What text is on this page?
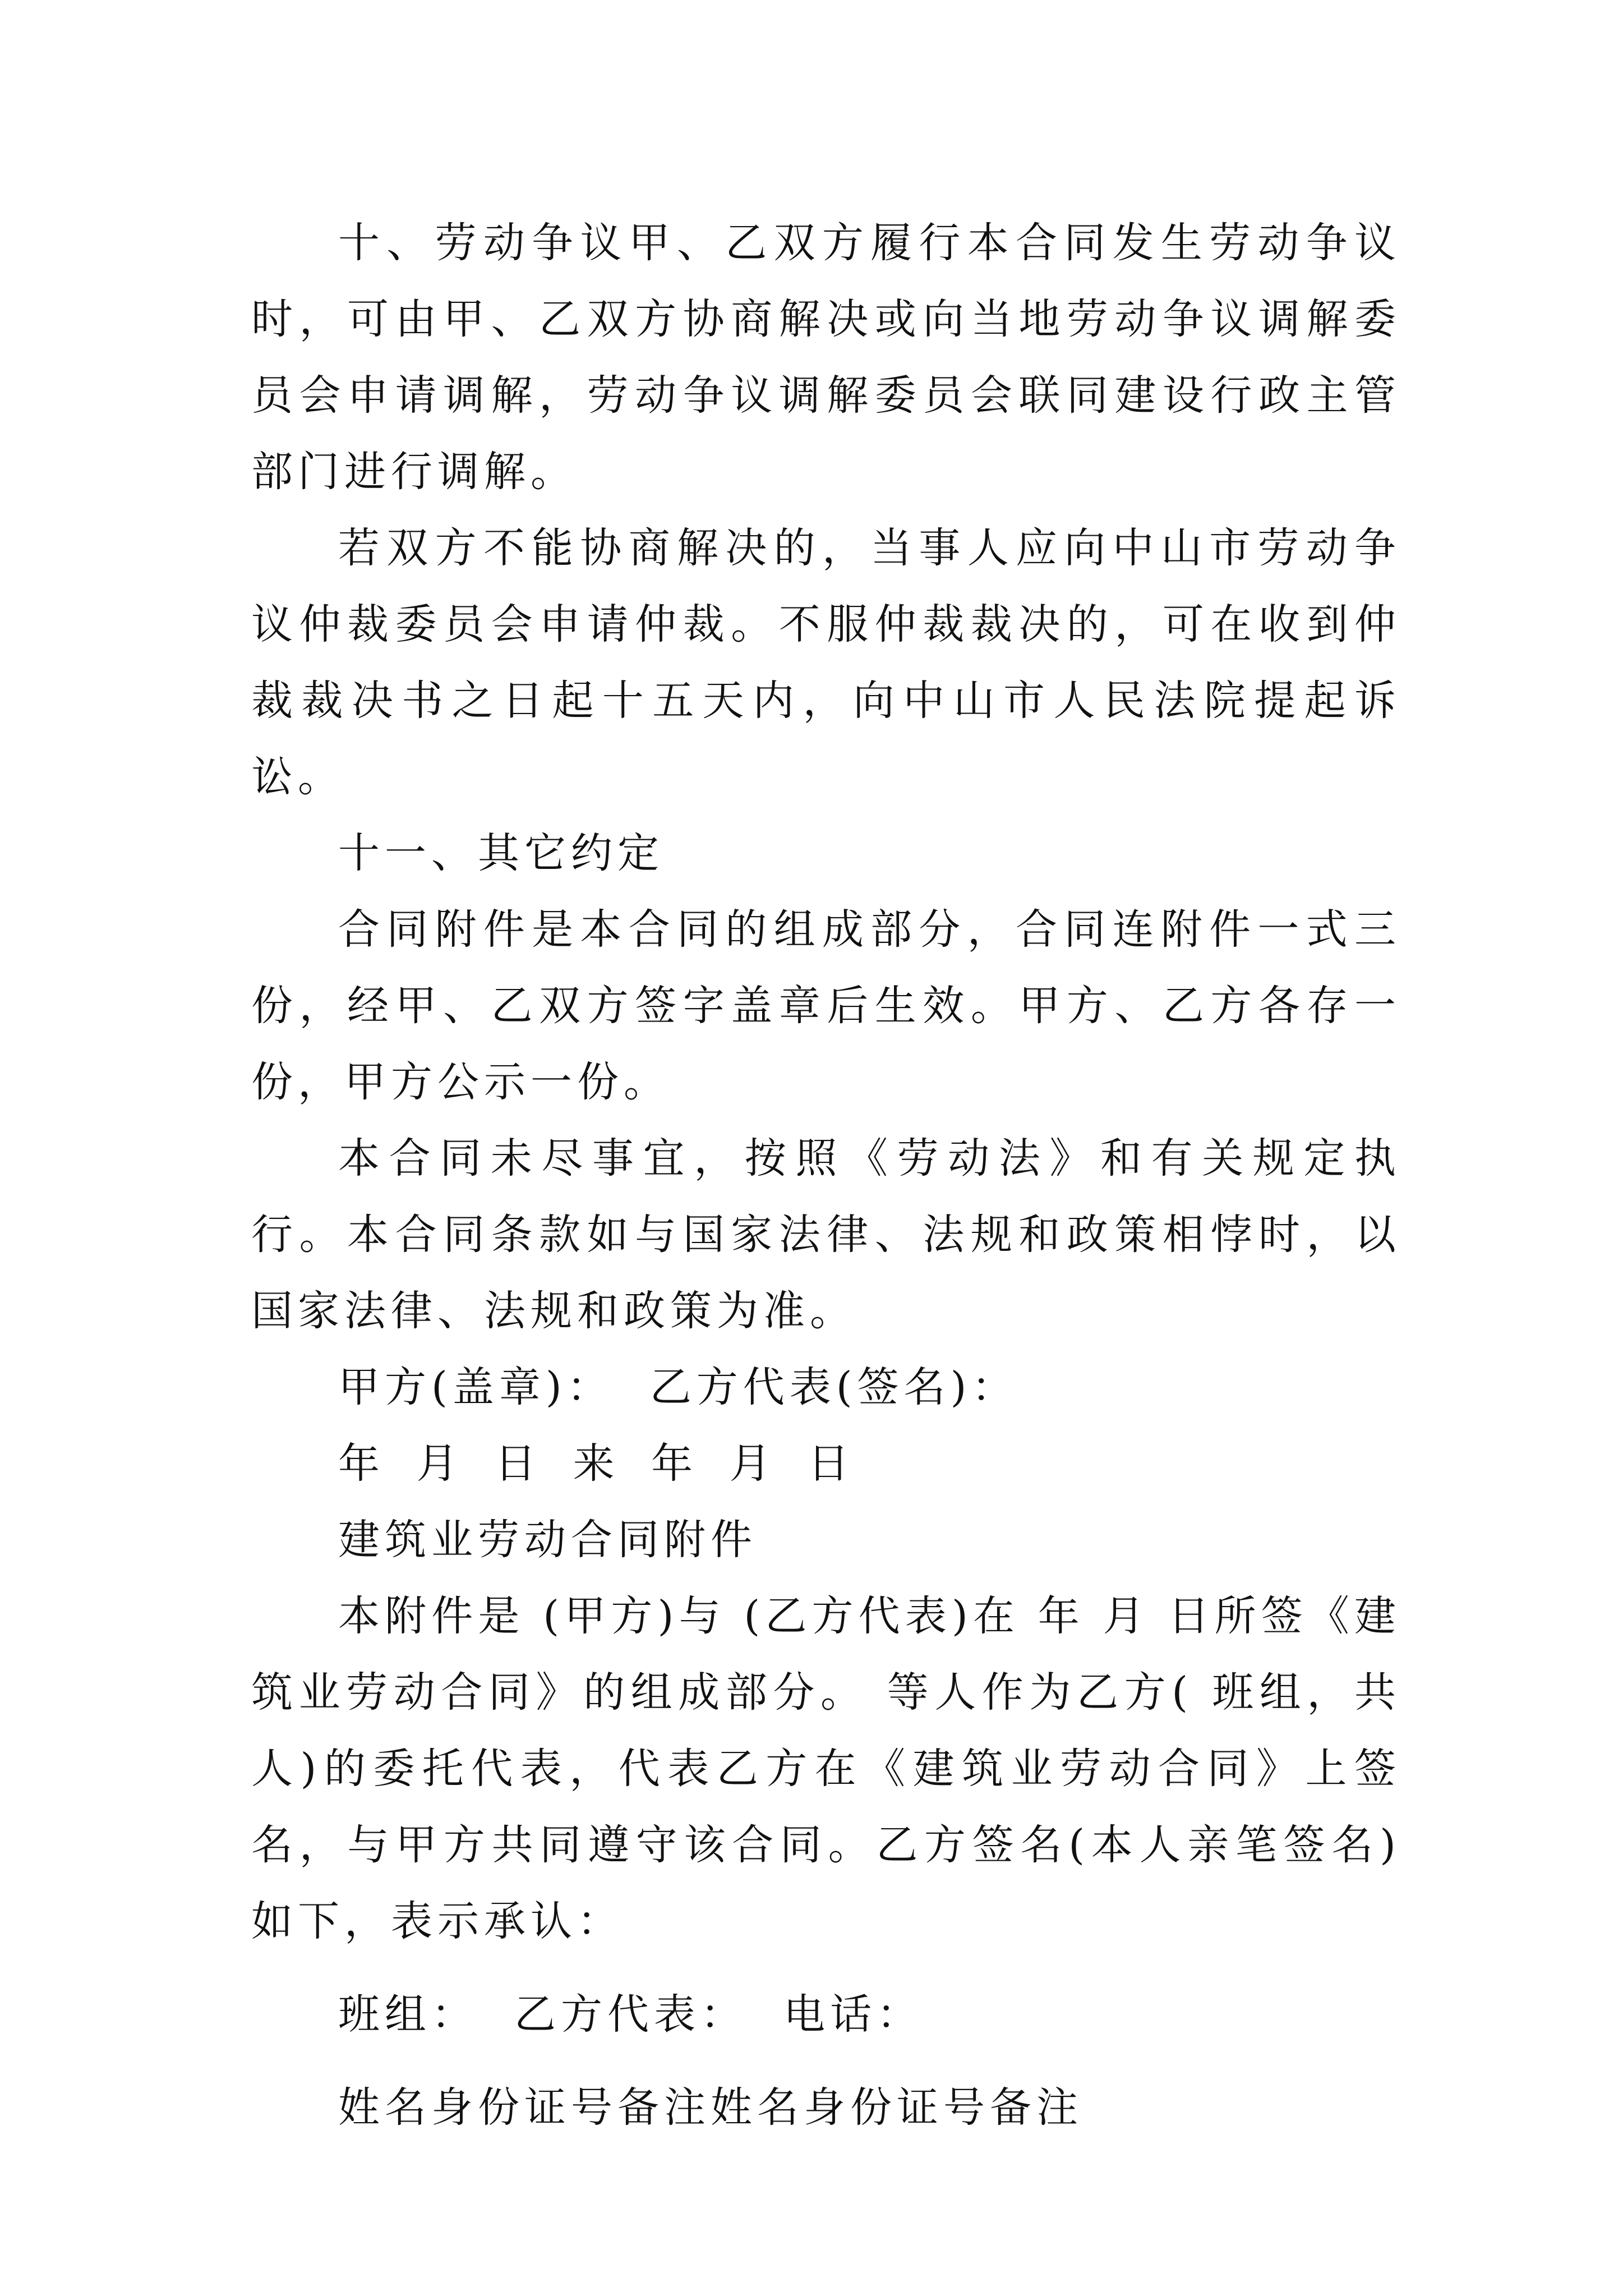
十、劳动争议甲、乙双方履行本合同发生劳动争议时，可由甲、乙双方协商解决或向当地劳动争议调解委员会申请调解，劳动争议调解委员会联同建设行政主管部门进行调解。

若双方不能协商解决的，当事人应向中山市劳动争议仲裁委员会申请仲裁。不服仲裁裁决的，可在收到仲裁裁决书之日起十五天内，向中山市人民法院提起诉讼。

十一、其它约定

合同附件是本合同的组成部分，合同连附件一式三份，经甲、乙双方签字盖章后生效。甲方、乙方各存一份，甲方公示一份。

本合同未尽事宜，按照《劳动法》和有关规定执行。本合同条款如与国家法律、法规和政策相悖时，以国家法律、法规和政策为准。

甲方(盖章)：  乙方代表(签名)：

年 月 日 来 年 月 日

建筑业劳动合同附件

本附件是 (甲方)与 (乙方代表)在 年 月 日所签《建筑业劳动合同》的组成部分。 等人作为乙方( 班组，共 人)的委托代表，代表乙方在《建筑业劳动合同》上签名，与甲方共同遵守该合同。乙方签名(本人亲笔签名)如下，表示承认：

班组：  乙方代表：  电话：

姓名身份证号备注姓名身份证号备注
